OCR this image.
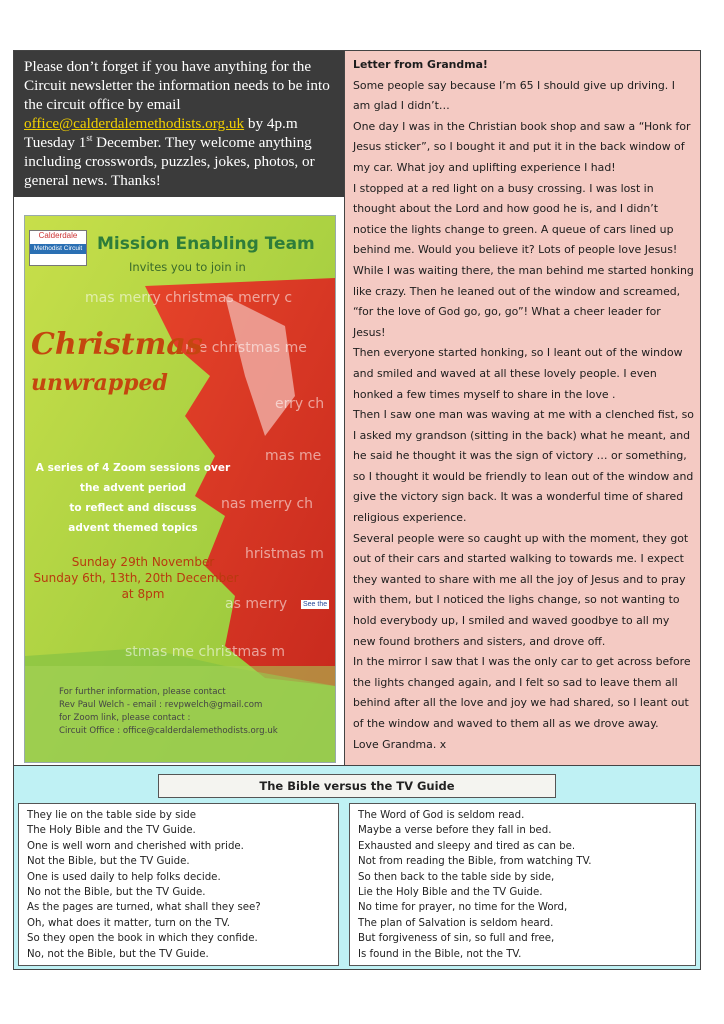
Please don’t forget if you have anything for the Circuit newsletter the information needs to be into the circuit office by email office@calderdalemethodists.org.uk by 4p.m Tuesday 1st December. They welcome anything including crosswords, puzzles, jokes, photos, or general news. Thanks!
mas merry christmas merry c
me christmas me
erry ch
mas me
nas merry ch
hristmas m
as merry
stmas me christmas m
Calderdale
Methodist Circuit Mission Enabling Team
Invites you to join in
Christmas
unwrapped
A series of 4 Zoom sessions over
the advent period
to reflect and discuss
advent themed topics
Sunday 29th November
Sunday 6th, 13th, 20th December
at 8pm
See the
For further information, please contact
Rev Paul Welch - email : revpwelch@gmail.com
for Zoom link, please contact :
Circuit Office : office@calderdalemethodists.org.uk

Letter from Grandma!

Some people say because I’m 65 I should give up driving. I am glad I didn’t…

One day I was in the Christian book shop and saw a “Honk for Jesus sticker”, so I bought it and put it in the back window of my car. What joy and uplifting experience I had!

I stopped at a red light on a busy crossing. I was lost in thought about the Lord and how good he is, and I didn’t notice the lights change to green. A queue of cars lined up behind me. Would you believe it? Lots of people love Jesus!

While I was waiting there, the man behind me started honking like crazy. Then he leaned out of the window and screamed, “for the love of God go, go, go”! What a cheer leader for Jesus!

Then everyone started honking, so I leant out of the window and smiled and waved at all these lovely people. I even honked a few times myself to share in the love .

Then I saw one man was waving at me with a clenched fist, so I asked my grandson (sitting in the back) what he meant, and he said he thought it was the sign of victory … or something, so I thought it would be friendly to lean out of the window and give the victory sign back. It was a wonderful time of shared religious experience.

Several people were so caught up with the moment, they got out of their cars and started walking to towards me. I expect they wanted to share with me all the joy of Jesus and to pray with them, but I noticed the lighs change, so not wanting to hold everybody up, I smiled and waved goodbye to all my new found brothers and sisters, and drove off.

In the mirror I saw that I was the only car to get across before the lights changed again, and I felt so sad to leave them all behind after all the love and joy we had shared, so I leant out of the window and waved to them all as we drove away.

Love Grandma. x

The Bible versus the TV Guide
They lie on the table side by side
The Holy Bible and the TV Guide.
One is well worn and cherished with pride.
Not the Bible, but the TV Guide.
One is used daily to help folks decide.
No not the Bible, but the TV Guide.
As the pages are turned, what shall they see?
Oh, what does it matter, turn on the TV.
So they open the book in which they confide.
No, not the Bible, but the TV Guide.
The Word of God is seldom read.
Maybe a verse before they fall in bed.
Exhausted and sleepy and tired as can be.
Not from reading the Bible, from watching TV.
So then back to the table side by side,
Lie the Holy Bible and the TV Guide.
No time for prayer, no time for the Word,
The plan of Salvation is seldom heard.
But forgiveness of sin, so full and free,
Is found in the Bible, not the TV.
